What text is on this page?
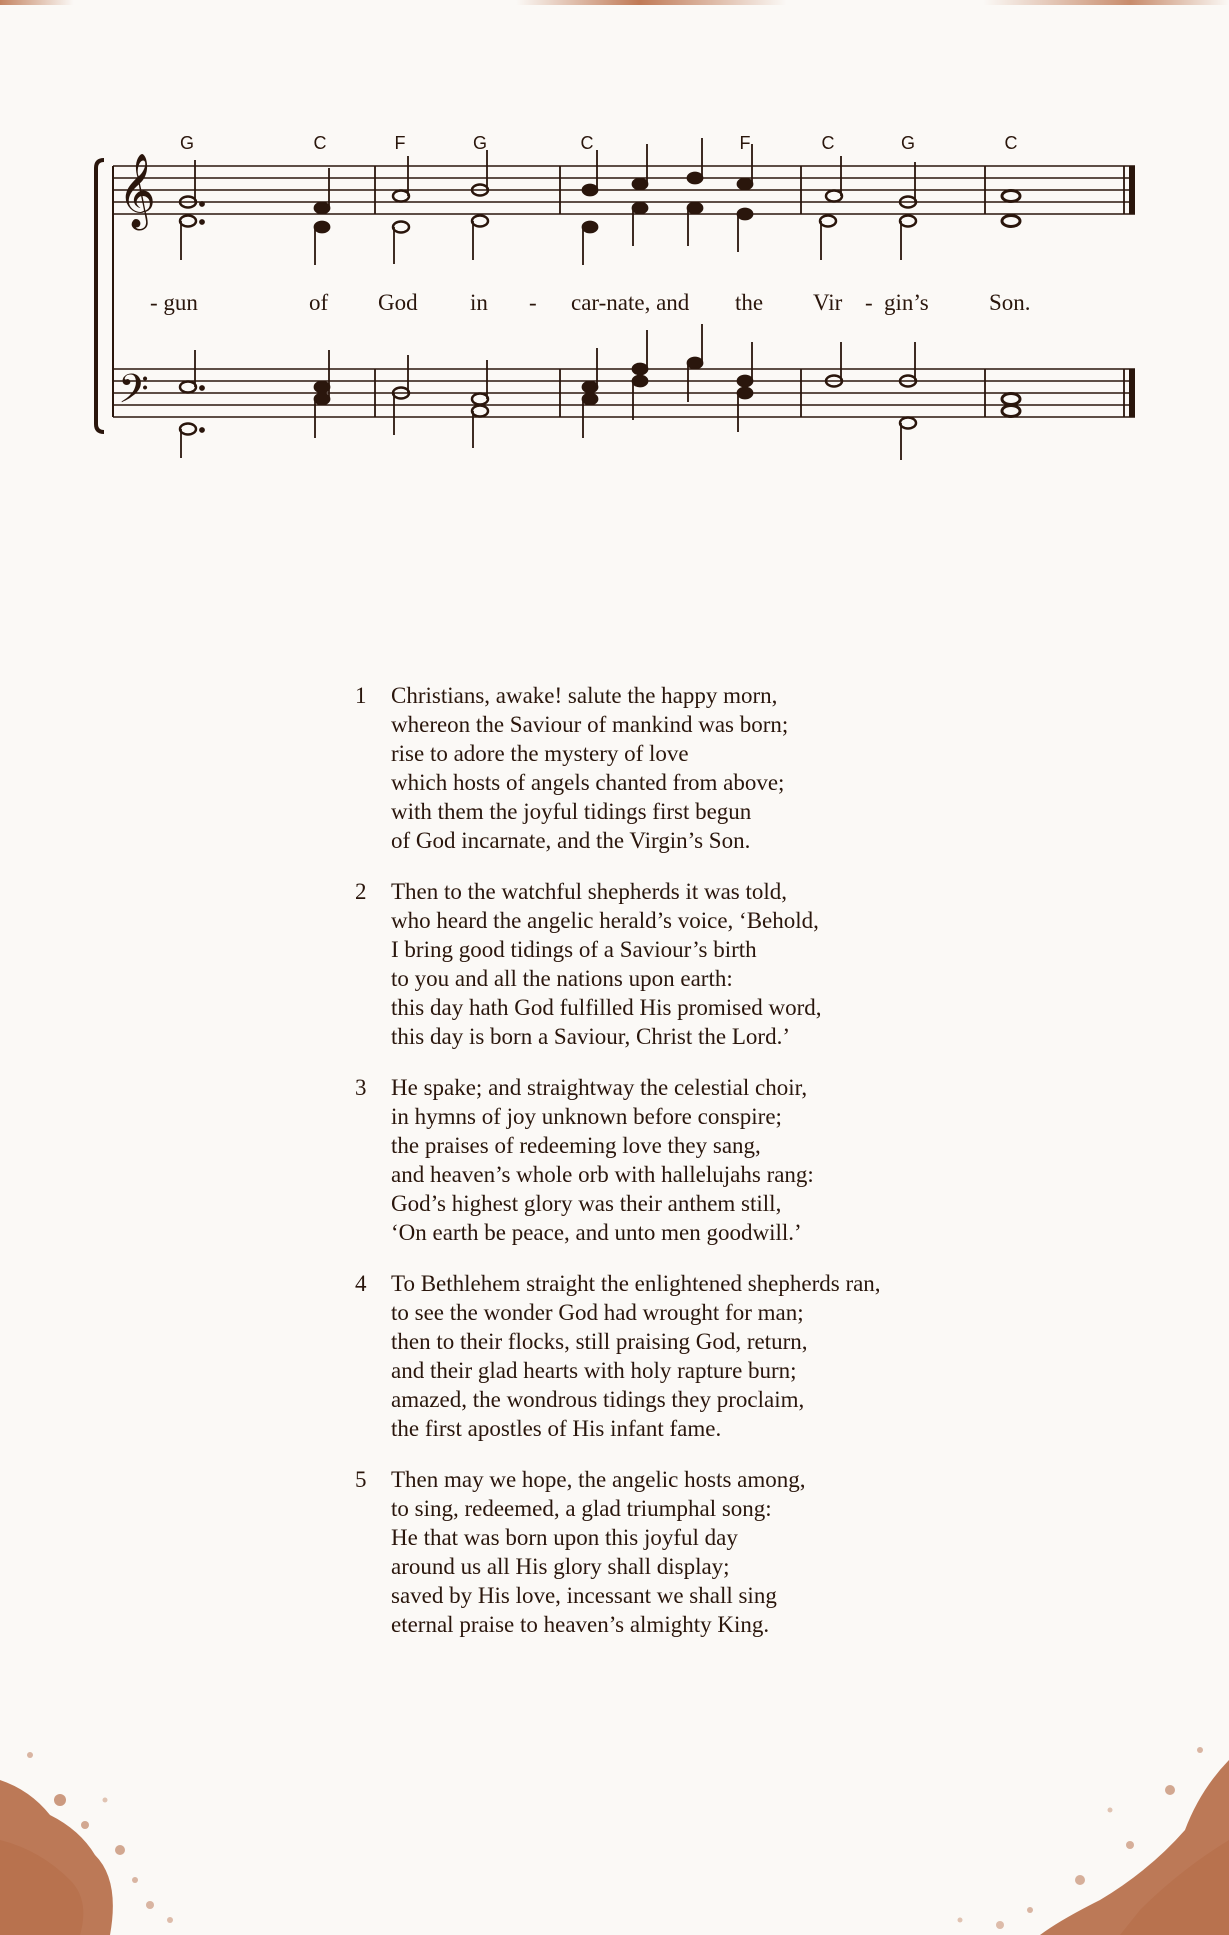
𝄞
𝄢
G	C	F	G	C	F	C	G	C
- gun	of God in - car-nate, and the Vir - gin’s	Son.
1 Christians, awake! salute the happy morn,
whereon the Saviour of mankind was born;
rise to adore the mystery of love
which hosts of angels chanted from above;
with them the joyful tidings first begun
of God incarnate, and the Virgin’s Son.
2 Then to the watchful shepherds it was told,
who heard the angelic herald’s voice, ‘Behold,
I bring good tidings of a Saviour’s birth
to you and all the nations upon earth:
this day hath God fulfilled His promised word,
this day is born a Saviour, Christ the Lord.’
3 He spake; and straightway the celestial choir,
in hymns of joy unknown before conspire;
the praises of redeeming love they sang,
and heaven’s whole orb with hallelujahs rang:
God’s highest glory was their anthem still,
‘On earth be peace, and unto men goodwill.’
4 To Bethlehem straight the enlightened shepherds ran,
to see the wonder God had wrought for man;
then to their flocks, still praising God, return,
and their glad hearts with holy rapture burn;
amazed, the wondrous tidings they proclaim,
the first apostles of His infant fame.
5 Then may we hope, the angelic hosts among,
to sing, redeemed, a glad triumphal song:
He that was born upon this joyful day
around us all His glory shall display;
saved by His love, incessant we shall sing
eternal praise to heaven’s almighty King.
